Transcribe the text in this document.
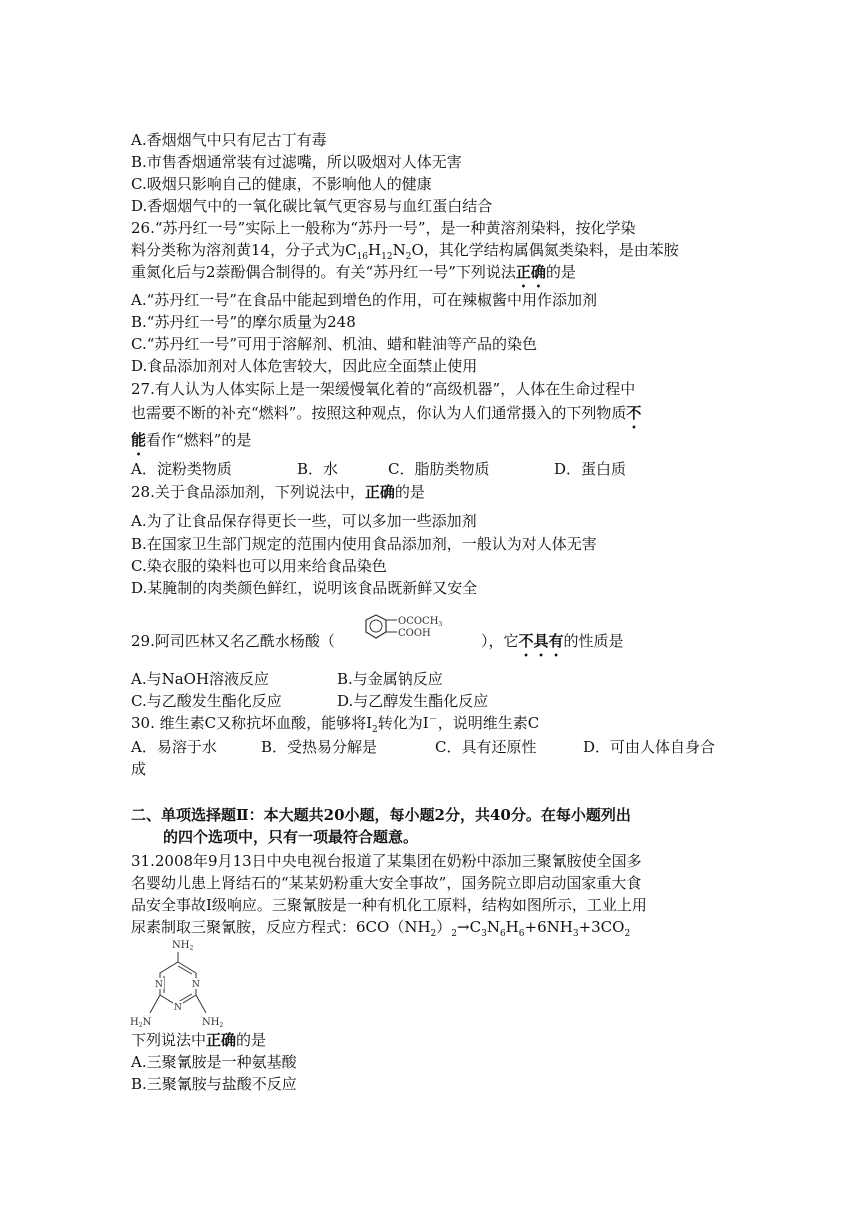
A.香烟烟气中只有尼古丁有毒
B.市售香烟通常装有过滤嘴，所以吸烟对人体无害
C.吸烟只影响自己的健康，不影响他人的健康
D.香烟烟气中的一氧化碳比氧气更容易与血红蛋白结合
26.“苏丹红一号”实际上一般称为“苏丹一号”，是一种黄溶剂染料，按化学染
料分类称为溶剂黄14，分子式为$C_{16}H_{12}N_2O$，其化学结构属偶氮类染料，是由苯胺
重氮化后与2萘酚偶合制得的。有关“苏丹红一号”下列说法正确的是
A.“苏丹红一号”在食品中能起到增色的作用，可在辣椒酱中用作添加剂
B.“苏丹红一号”的摩尔质量为248
C.“苏丹红一号”可用于溶解剂、机油、蜡和鞋油等产品的染色
D.食品添加剂对人体危害较大，因此应全面禁止使用
27.有人认为人体实际上是一架缓慢氧化着的“高级机器”，人体在生命过程中
也需要不断的补充“燃料”。按照这种观点，你认为人们通常摄入的下列物质不
能看作“燃料”的是
A．淀粉类物质	B．水	C．脂肪类物质	D．蛋白质
28.关于食品添加剂，下列说法中，正确的是
A.为了让食品保存得更长一些，可以多加一些添加剂
B.在国家卫生部门规定的范围内使用食品添加剂，一般认为对人体无害
C.染衣服的染料也可以用来给食品染色
D.某腌制的肉类颜色鲜红，说明该食品既新鲜又安全
29.阿司匹林又名乙酰水杨酸（
$OCOCH_3$
COOH	），它不具有的性质是
A.与NaOH溶液反应	B.与金属钠反应
C.与乙酸发生酯化反应	D.与乙醇发生酯化反应
30. 维生素C又称抗坏血酸，能够将$I_2$转化为I－，说明维生素C
A．易溶于水	B．受热易分解是	C．具有还原性	D．可由人体自身合
成
二、单项选择题Ⅱ：本大题共20小题，每小题2分，共40分。在每小题列出
的四个选项中，只有一项最符合题意。
31.2008年9月13日中央电视台报道了某集团在奶粉中添加三聚氰胺使全国多
名婴幼儿患上肾结石的“某某奶粉重大安全事故”，国务院立即启动国家重大食
品安全事故Ⅰ级响应。三聚氰胺是一种有机化工原料，结构如图所示，工业上用
尿素制取三聚氰胺，反应方程式：$6CO(NH_2)_2\to C_3N_6H_6+6NH_3+3CO_2$
$NH_2$
N
N
N
$H_2N$	$NH_2$
下列说法中正确的是
A.三聚氰胺是一种氨基酸
B.三聚氰胺与盐酸不反应
